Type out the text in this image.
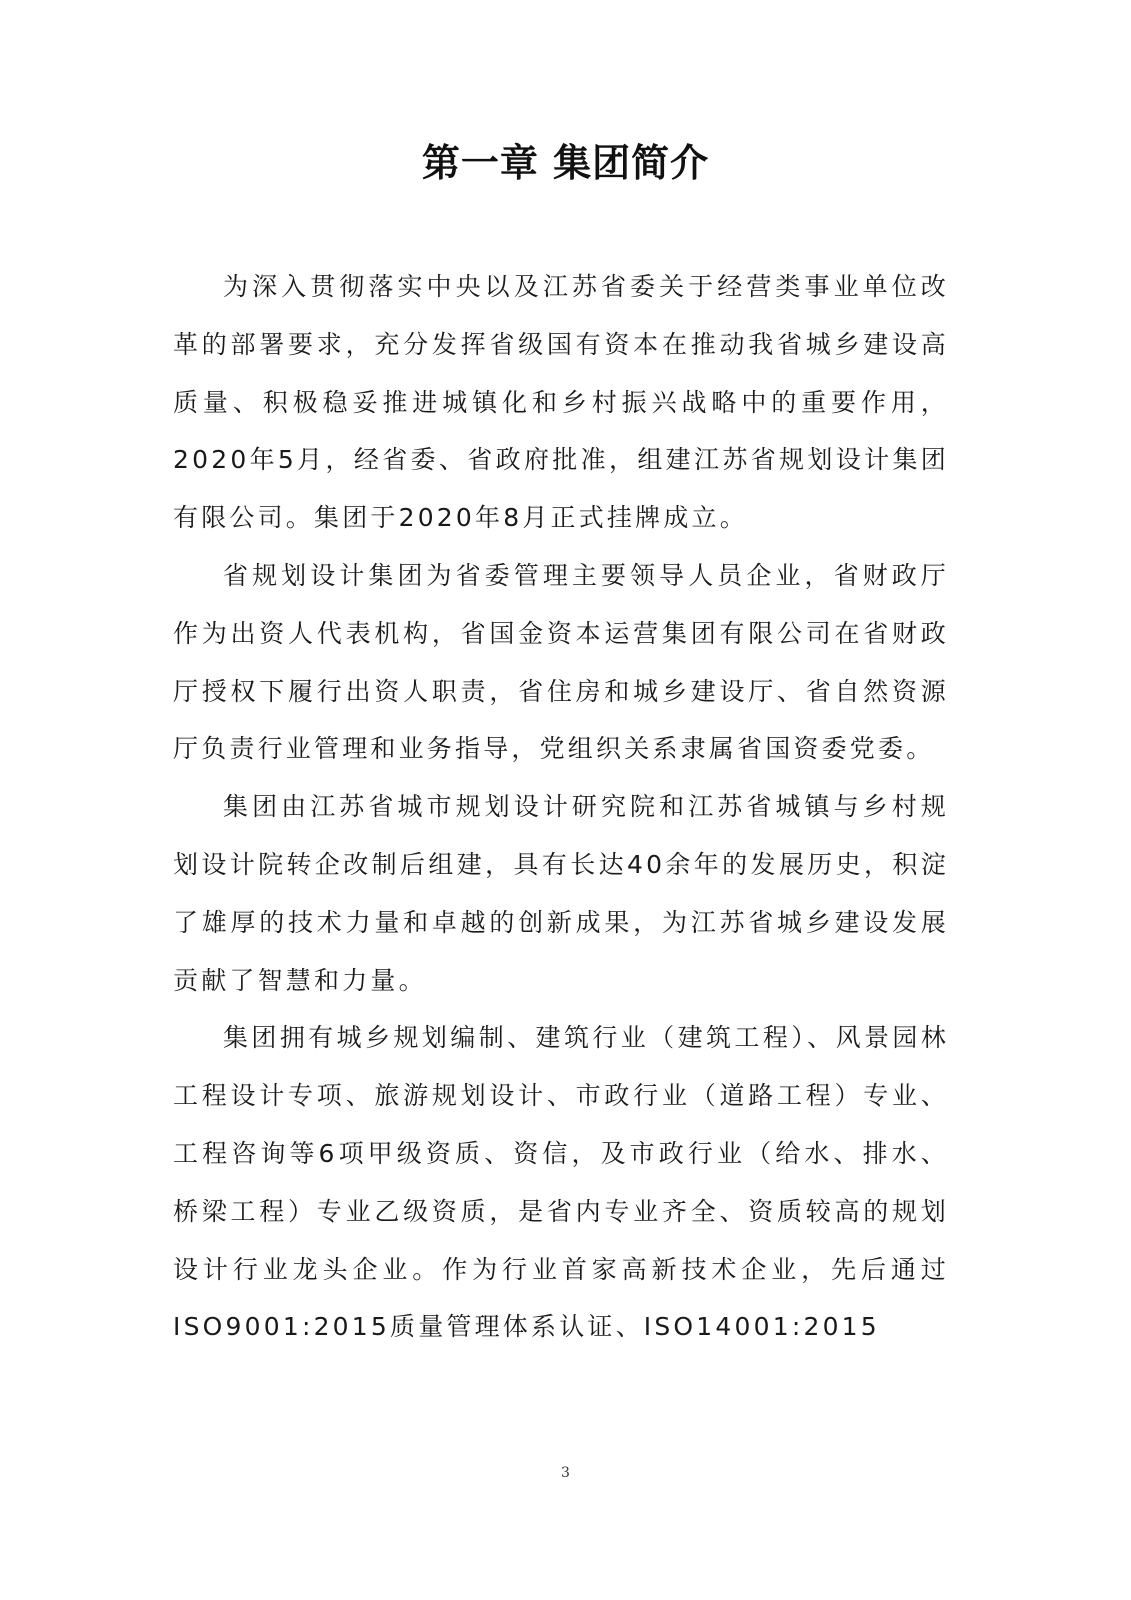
第一章 集团简介

为深入贯彻落实中央以及江苏省委关于经营类事业单位改革的部署要求，充分发挥省级国有资本在推动我省城乡建设高质量、积极稳妥推进城镇化和乡村振兴战略中的重要作用，2020年5月，经省委、省政府批准，组建江苏省规划设计集团有限公司。集团于2020年8月正式挂牌成立。

省规划设计集团为省委管理主要领导人员企业，省财政厅作为出资人代表机构，省国金资本运营集团有限公司在省财政厅授权下履行出资人职责，省住房和城乡建设厅、省自然资源厅负责行业管理和业务指导，党组织关系隶属省国资委党委。

集团由江苏省城市规划设计研究院和江苏省城镇与乡村规划设计院转企改制后组建，具有长达40余年的发展历史，积淀了雄厚的技术力量和卓越的创新成果，为江苏省城乡建设发展贡献了智慧和力量。

集团拥有城乡规划编制、建筑行业（建筑工程）、风景园林工程设计专项、旅游规划设计、市政行业（道路工程）专业、工程咨询等6项甲级资质、资信，及市政行业（给水、排水、桥梁工程）专业乙级资质，是省内专业齐全、资质较高的规划设计行业龙头企业。作为行业首家高新技术企业，先后通过ISO9001:2015质量管理体系认证、ISO14001:2015

3
